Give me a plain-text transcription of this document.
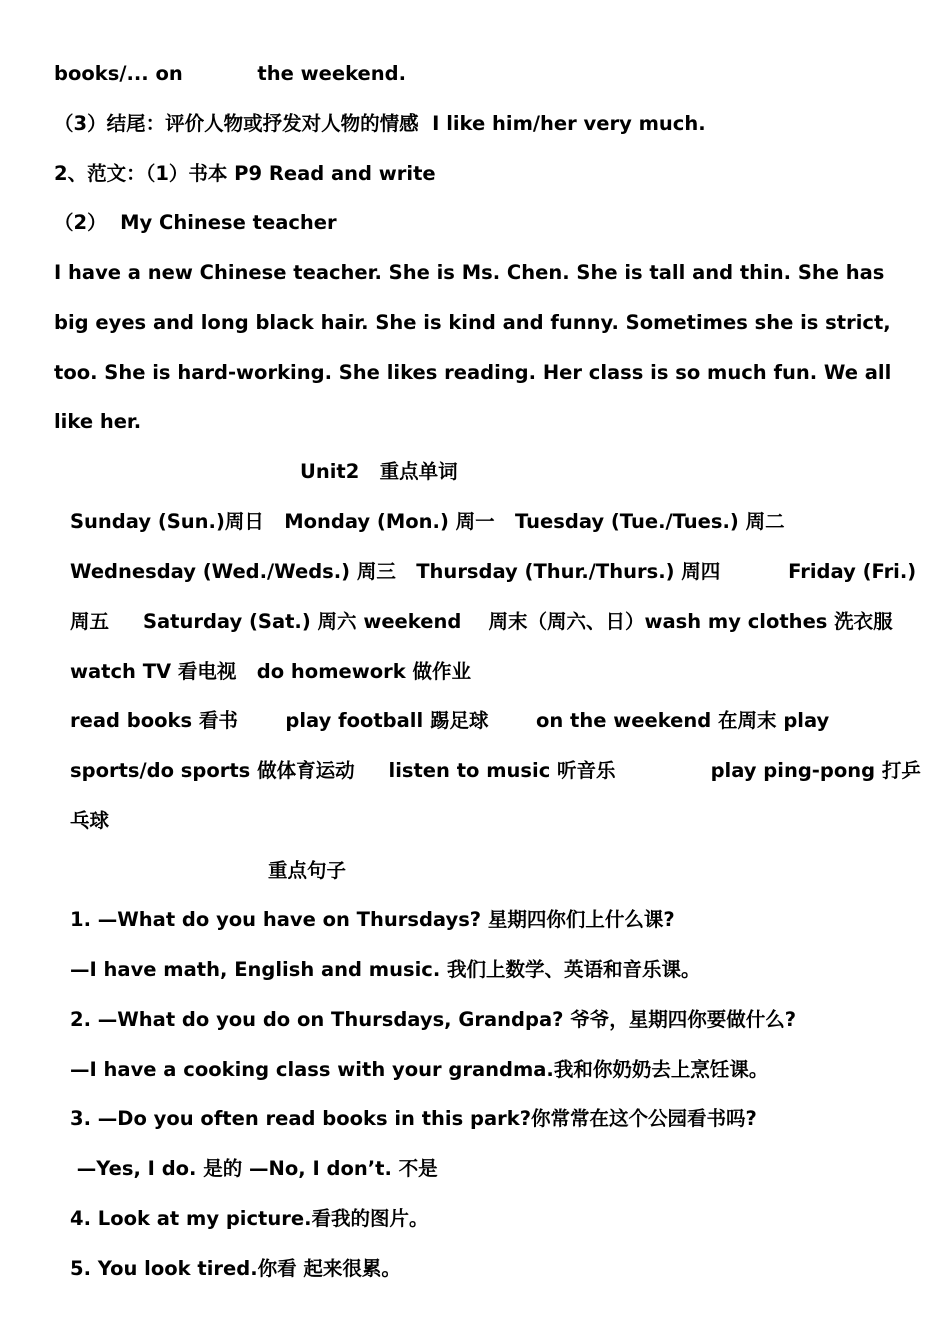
books/... on           the weekend.
（3）结尾：评价人物或抒发对人物的情感  I like him/her very much.
2、范文：（1）书本 P9 Read and write
（2）  My Chinese teacher
I have a new Chinese teacher. She is Ms. Chen. She is tall and thin. She has big eyes and long black hair. She is kind and funny. Sometimes she is strict, too. She is hard-working. She likes reading. Her class is so much fun. We all like her.
Unit2   重点单词
Sunday (Sun.)周日   Monday (Mon.) 周一   Tuesday (Tue./Tues.) 周二
Wednesday (Wed./Weds.) 周三   Thursday (Thur./Thurs.) 周四          Friday (Fri.)
周五     Saturday (Sat.) 周六 weekend    周末（周六、日）wash my clothes 洗衣服
watch TV 看电视   do homework 做作业
read books 看书       play football 踢足球       on the weekend 在周末 play
sports/do sports 做体育运动     listen to music 听音乐              play ping-pong 打乒
乓球
重点句子
1. —What do you have on Thursdays? 星期四你们上什么课?
—I have math, English and music. 我们上数学、英语和音乐课。
2. —What do you do on Thursdays, Grandpa? 爷爷，星期四你要做什么?
—I have a cooking class with your grandma.我和你奶奶去上烹饪课。
3. —Do you often read books in this park?你常常在这个公园看书吗?
—Yes, I do. 是的 —No, I don’t. 不是
4. Look at my picture.看我的图片。
5. You look tired.你看 起来很累。
